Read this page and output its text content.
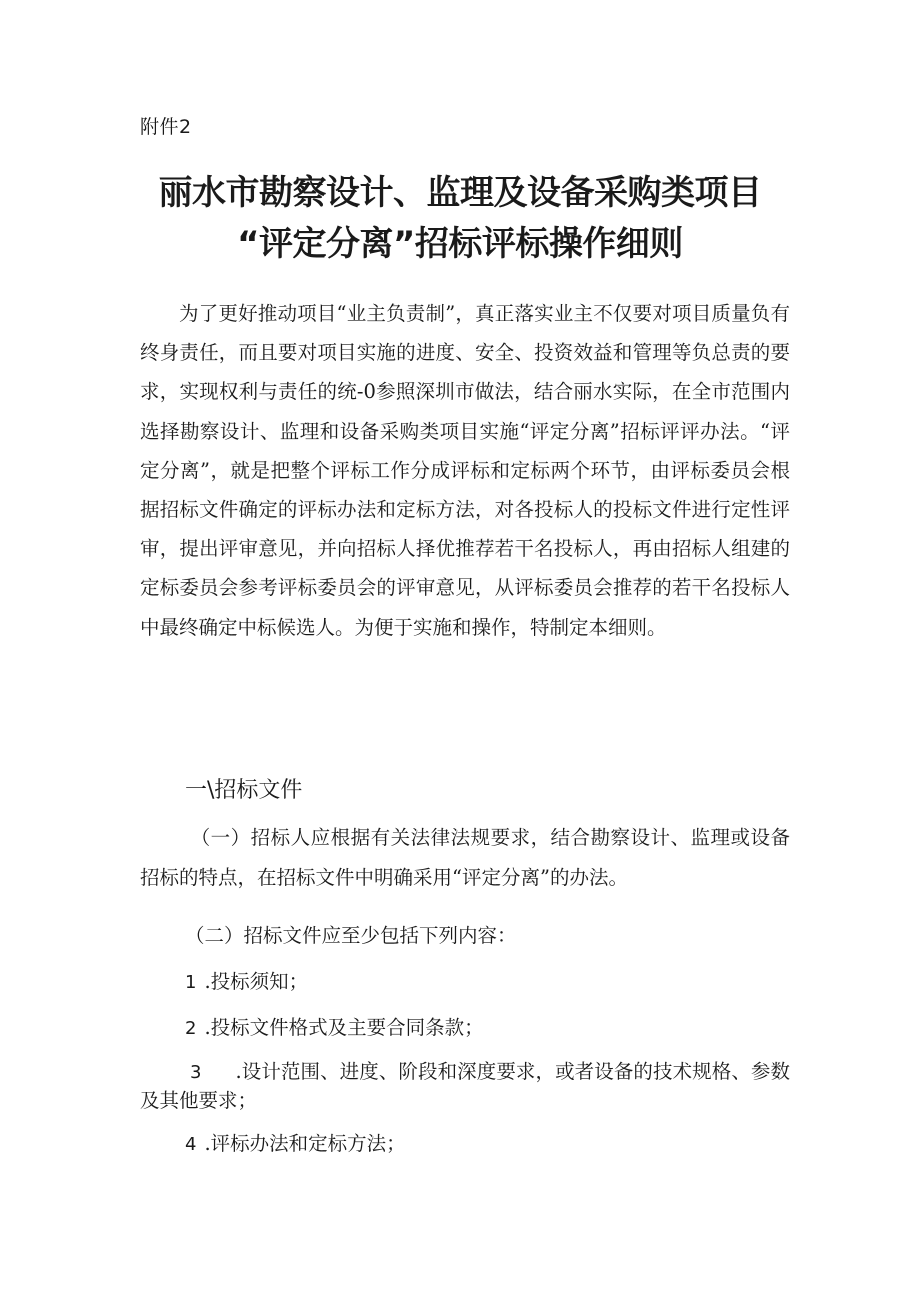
附件2
丽水市勘察设计、监理及设备采购类项目
“评定分离”招标评标操作细则

为了更好推动项目“业主负责制”，真正落实业主不仅要对项目质量负有终身责任，而且要对项目实施的进度、安全、投资效益和管理等负总责的要求，实现权利与责任的统-0参照深圳市做法，结合丽水实际，在全市范围内选择勘察设计、监理和设备采购类项目实施“评定分离”招标评评办法。“评定分离”，就是把整个评标工作分成评标和定标两个环节，由评标委员会根据招标文件确定的评标办法和定标方法，对各投标人的投标文件进行定性评审，提出评审意见，并向招标人择优推荐若干名投标人，再由招标人组建的定标委员会参考评标委员会的评审意见，从评标委员会推荐的若干名投标人中最终确定中标候选人。为便于实施和操作，特制定本细则。

一\招标文件

（一）招标人应根据有关法律法规要求，结合勘察设计、监理或设备招标的特点，在招标文件中明确采用“评定分离”的办法。

（二）招标文件应至少包括下列内容：
1 .投标须知；
2 .投标文件格式及主要合同条款；
3 .设计范围、进度、阶段和深度要求，或者设备的技术规格、参数及其他要求；
4 .评标办法和定标方法；
